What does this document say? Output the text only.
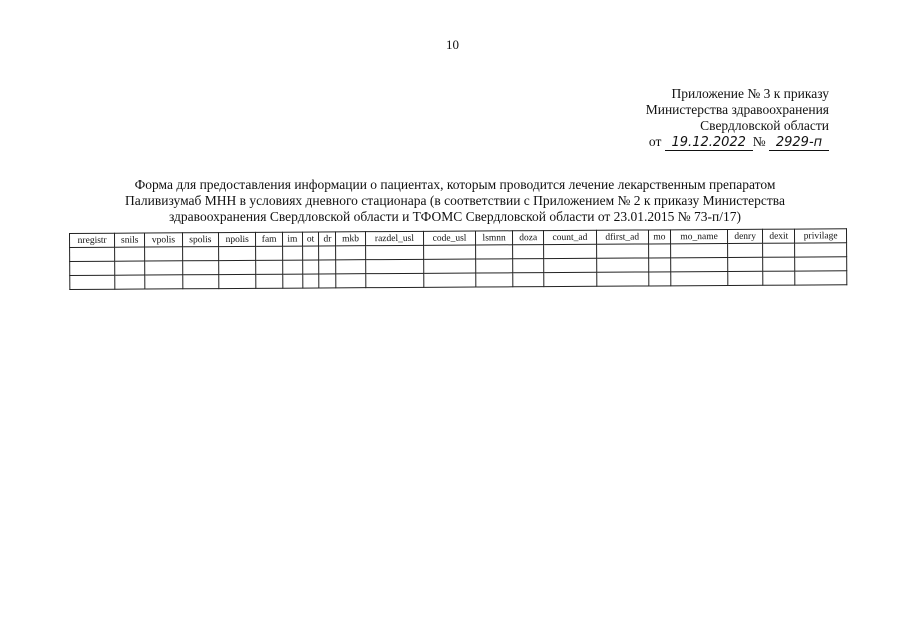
10
Приложение № 3 к приказу
Министерства здравоохранения
Свердловской области
от 19.12.2022 № 2929-п
Форма для предоставления информации о пациентах, которым проводится лечение лекарственным препаратом
Паливизумаб МНН в условиях дневного стационара (в соответствии с Приложением № 2 к приказу Министерства
здравоохранения Свердловской области и ТФОМС Свердловской области от 23.01.2015 № 73-п/17)
nregistr	snils	vpolis	spolis	npolis	fam	im	ot	dr	mkb	razdel_usl	code_usl	lsmnn	doza	count_ad	dfirst_ad	mo	mo_name	denry	dexit	privilage
